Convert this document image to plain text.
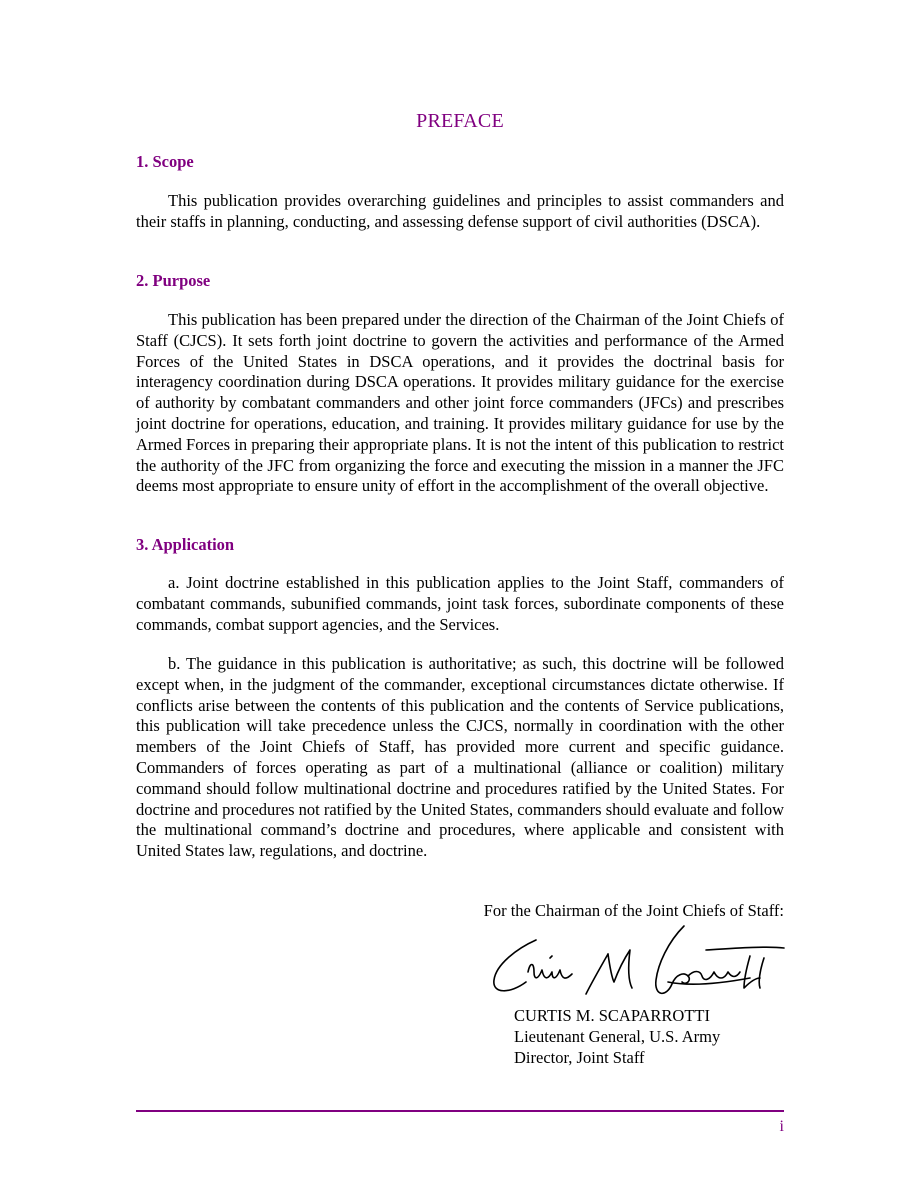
PREFACE
1. Scope

This publication provides overarching guidelines and principles to assist commanders and their staffs in planning, conducting, and assessing defense support of civil authorities (DSCA).

2. Purpose

This publication has been prepared under the direction of the Chairman of the Joint Chiefs of Staff (CJCS). It sets forth joint doctrine to govern the activities and performance of the Armed Forces of the United States in DSCA operations, and it provides the doctrinal basis for interagency coordination during DSCA operations. It provides military guidance for the exercise of authority by combatant commanders and other joint force commanders (JFCs) and prescribes joint doctrine for operations, education, and training. It provides military guidance for use by the Armed Forces in preparing their appropriate plans. It is not the intent of this publication to restrict the authority of the JFC from organizing the force and executing the mission in a manner the JFC deems most appropriate to ensure unity of effort in the accomplishment of the overall objective.

3. Application

a. Joint doctrine established in this publication applies to the Joint Staff, commanders of combatant commands, subunified commands, joint task forces, subordinate components of these commands, combat support agencies, and the Services.

b. The guidance in this publication is authoritative; as such, this doctrine will be followed except when, in the judgment of the commander, exceptional circumstances dictate otherwise. If conflicts arise between the contents of this publication and the contents of Service publications, this publication will take precedence unless the CJCS, normally in coordination with the other members of the Joint Chiefs of Staff, has provided more current and specific guidance. Commanders of forces operating as part of a multinational (alliance or coalition) military command should follow multinational doctrine and procedures ratified by the United States. For doctrine and procedures not ratified by the United States, commanders should evaluate and follow the multinational command’s doctrine and procedures, where applicable and consistent with United States law, regulations, and doctrine.

For the Chairman of the Joint Chiefs of Staff:
CURTIS M. SCAPARROTTI
Lieutenant General, U.S. Army
Director, Joint Staff
i
